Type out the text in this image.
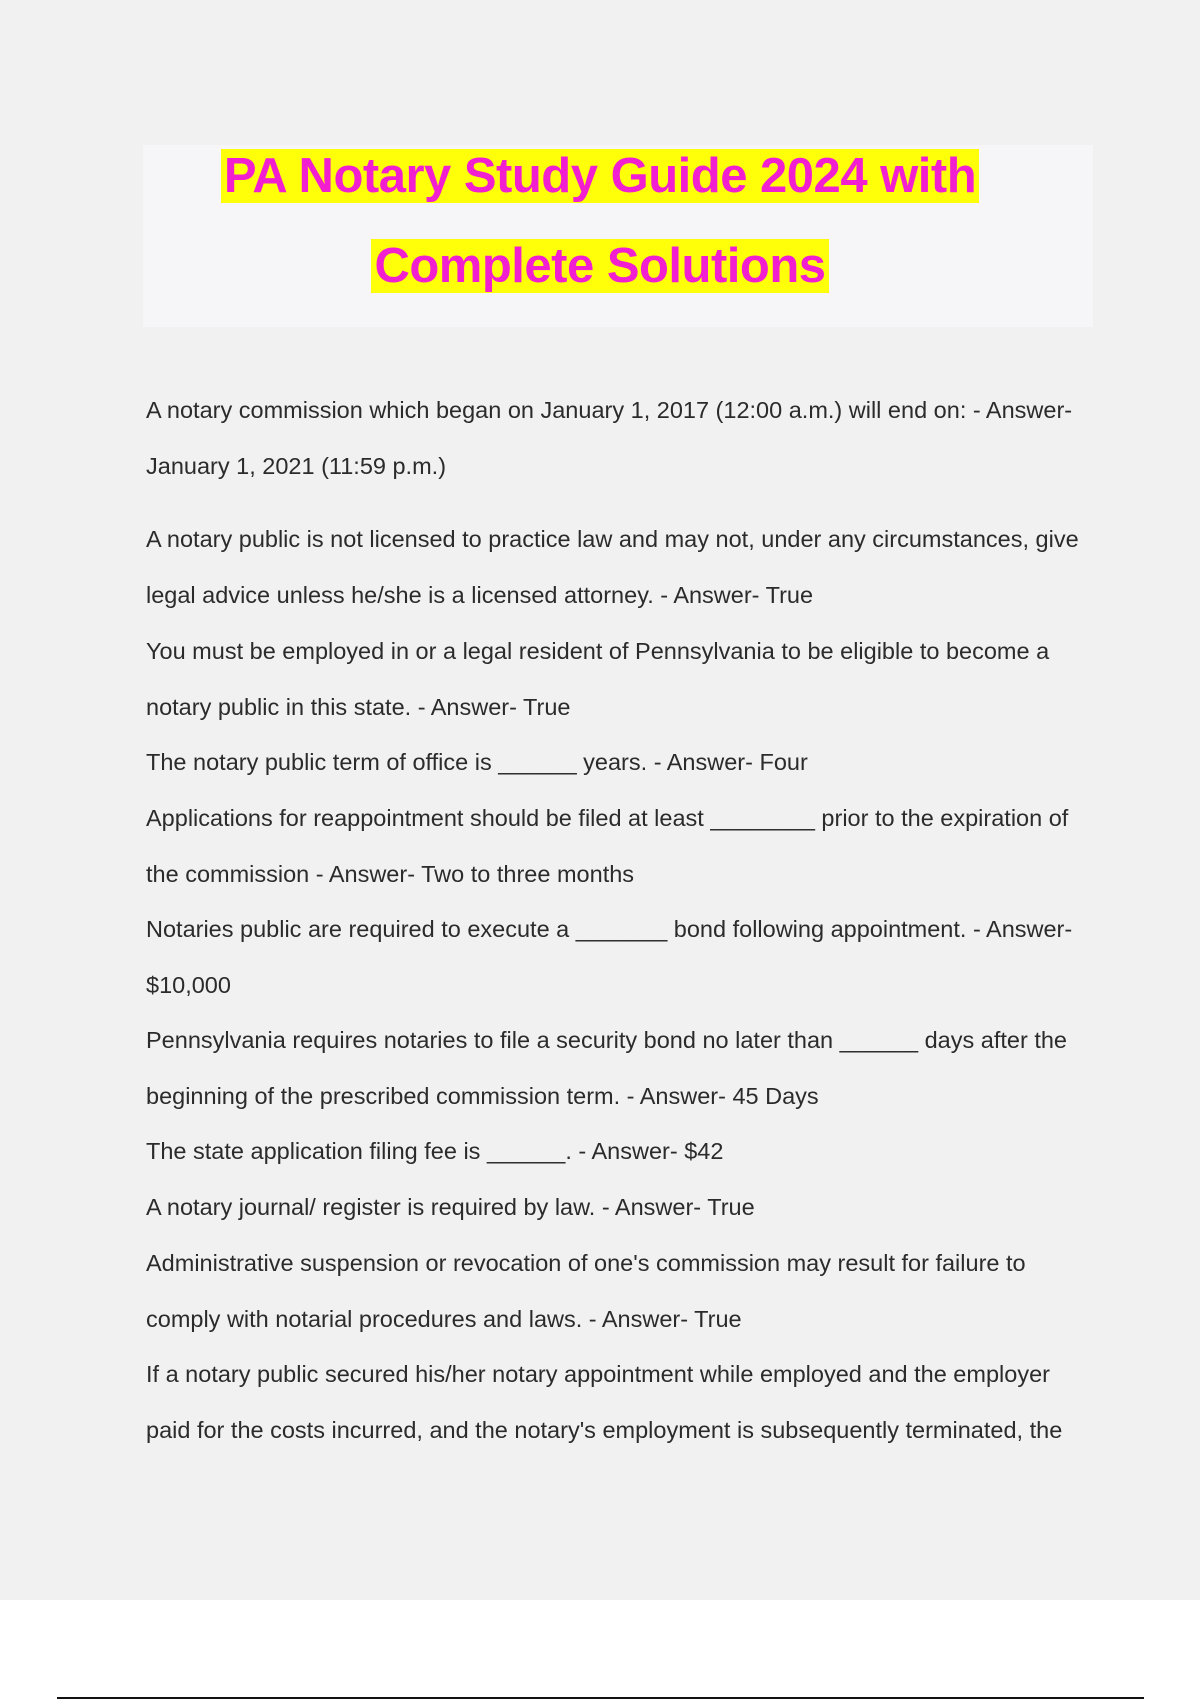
PA Notary Study Guide 2024 with
Complete Solutions

A notary commission which began on January 1, 2017 (12:00 a.m.) will end on: - Answer- January 1, 2021 (11:59 p.m.)

A notary public is not licensed to practice law and may not, under any circumstances, give legal advice unless he/she is a licensed attorney. - Answer- True

You must be employed in or a legal resident of Pennsylvania to be eligible to become a notary public in this state. - Answer- True

The notary public term of office is ______ years. - Answer- Four

Applications for reappointment should be filed at least ________ prior to the expiration of the commission - Answer- Two to three months

Notaries public are required to execute a _______ bond following appointment. - Answer- $10,000

Pennsylvania requires notaries to file a security bond no later than ______ days after the beginning of the prescribed commission term. - Answer- 45 Days

The state application filing fee is ______. - Answer- $42

A notary journal/ register is required by law. - Answer- True

Administrative suspension or revocation of one's commission may result for failure to comply with notarial procedures and laws. - Answer- True

If a notary public secured his/her notary appointment while employed and the employer paid for the costs incurred, and the notary's employment is subsequently terminated, the
